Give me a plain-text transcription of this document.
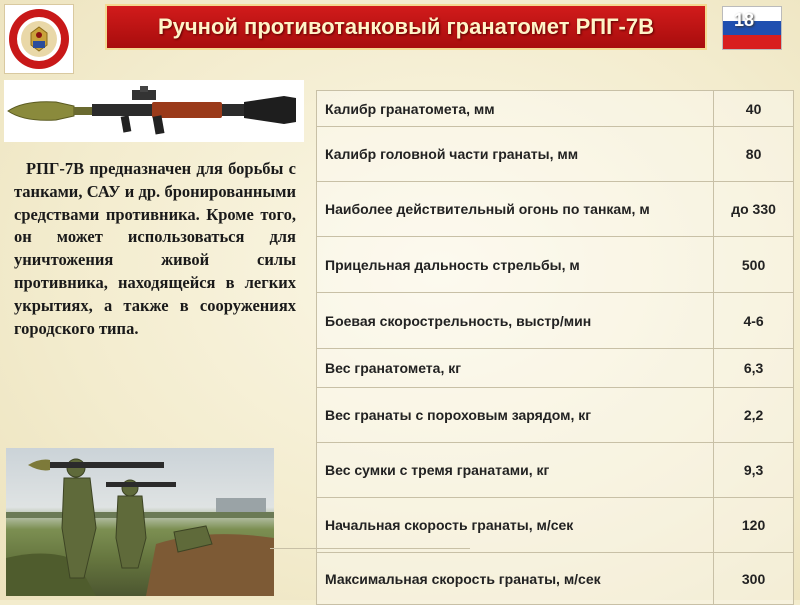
Ручной противотанковый гранатомет РПГ-7В	18

РПГ-7В предназначен для борьбы с танками, САУ и др. бронированными средствами противника. Кроме того, он может использоваться для уничтожения живой силы противника, находящейся в легких укрытиях, а также в сооружениях городского типа.

Калибр гранатомета, мм	40
Калибр головной части гранаты, мм	80
Наиболее действительный огонь по танкам, м	до 330
Прицельная дальность стрельбы, м	500
Боевая скорострельность, выстр/мин	4-6
Вес гранатомета, кг	6,3
Вес гранаты с пороховым зарядом, кг	2,2
Вес сумки с тремя гранатами, кг	9,3
Начальная скорость гранаты, м/сек	120
Максимальная скорость гранаты, м/сек	300
